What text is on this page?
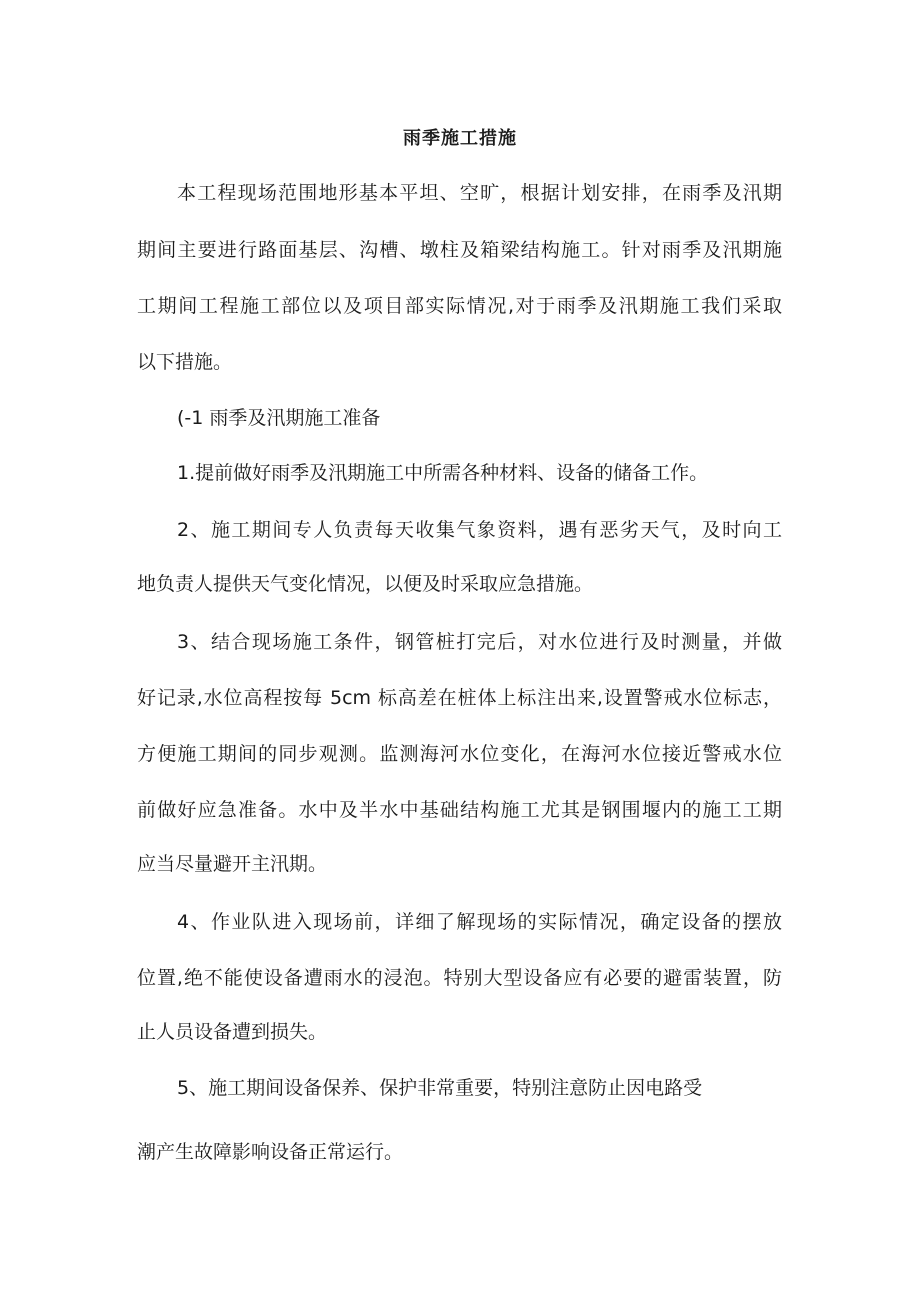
雨季施工措施
本工程现场范围地形基本平坦、空旷，根据计划安排，在雨季及汛期
期间主要进行路面基层、沟槽、墩柱及箱梁结构施工。针对雨季及汛期施
工期间工程施工部位以及项目部实际情况,对于雨季及汛期施工我们采取
以下措施。
(-1 雨季及汛期施工准备
1.提前做好雨季及汛期施工中所需各种材料、设备的储备工作。
2、施工期间专人负责每天收集气象资料，遇有恶劣天气，及时向工
地负责人提供天气变化情况，以便及时采取应急措施。
3、结合现场施工条件，钢管桩打完后，对水位进行及时测量，并做
好记录,水位高程按每 5cm 标高差在桩体上标注出来,设置警戒水位标志，
方便施工期间的同步观测。监测海河水位变化，在海河水位接近警戒水位
前做好应急准备。水中及半水中基础结构施工尤其是钢围堰内的施工工期
应当尽量避开主汛期。
4、作业队进入现场前，详细了解现场的实际情况，确定设备的摆放
位置,绝不能使设备遭雨水的浸泡。特别大型设备应有必要的避雷装置，防
止人员设备遭到损失。
5、施工期间设备保养、保护非常重要，特别注意防止因电路受
潮产生故障影响设备正常运行。
